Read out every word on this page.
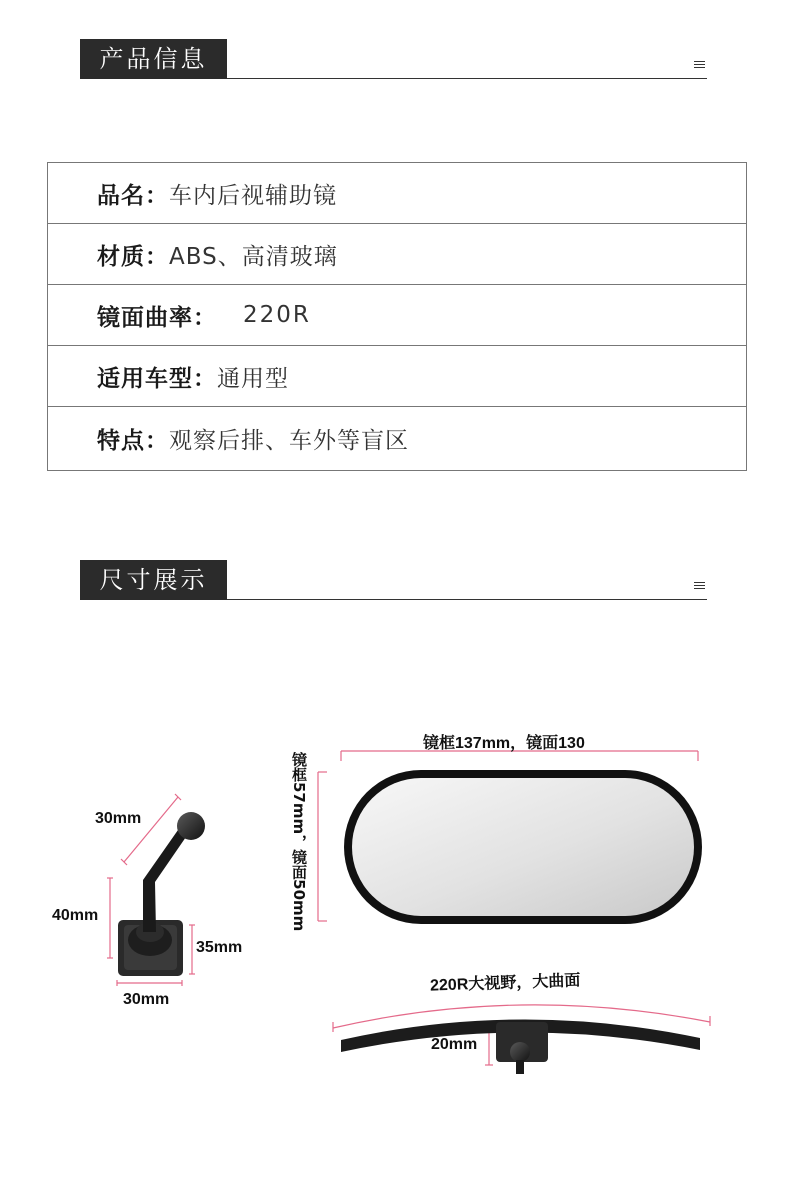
产品信息
品名： 车内后视辅助镜
材质： ABS、高清玻璃
镜面曲率： 220R
适用车型： 通用型
特点： 观察后排、车外等盲区
尺寸展示
30mm
40mm
35mm
30mm
镜框137mm，镜面130
镜框57mm，镜面50mm
220R大视野，大曲面
20mm
